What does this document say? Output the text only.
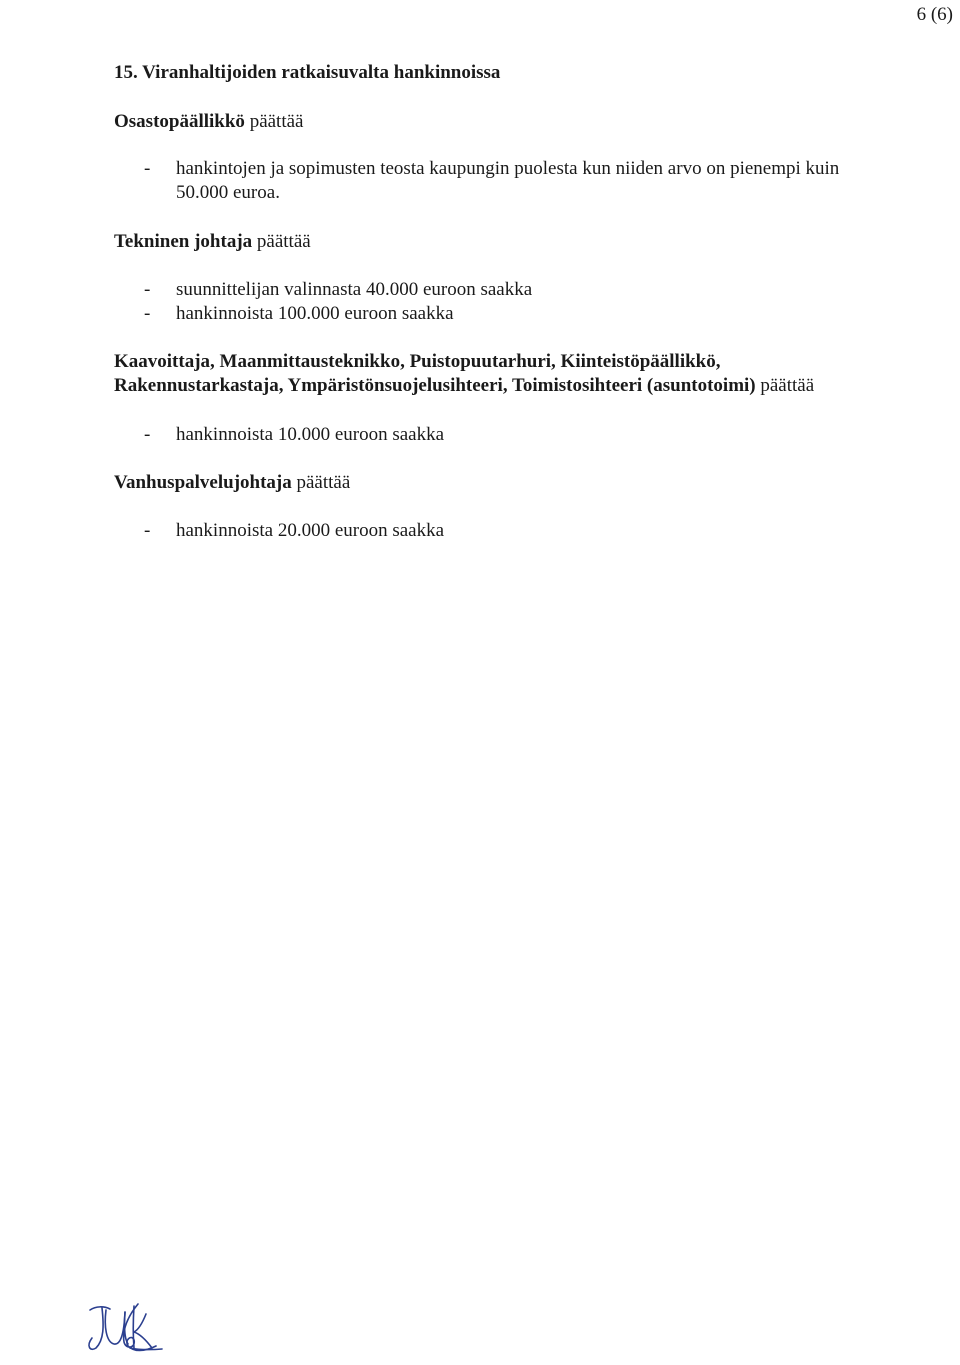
6 (6)
15. Viranhaltijoiden ratkaisuvalta hankinnoissa
Osastopäällikkö päättää
- hankintojen ja sopimusten teosta kaupungin puolesta kun niiden arvo on pienempi kuin
50.000 euroa.
Tekninen johtaja päättää
- suunnittelijan valinnasta 40.000 euroon saakka
- hankinnoista 100.000 euroon saakka
Kaavoittaja, Maanmittausteknikko, Puistopuutarhuri, Kiinteistöpäällikkö,
Rakennustarkastaja, Ympäristönsuojelusihteeri, Toimistosihteeri (asuntotoimi) päättää
- hankinnoista 10.000 euroon saakka
Vanhuspalvelujohtaja päättää
- hankinnoista 20.000 euroon saakka
